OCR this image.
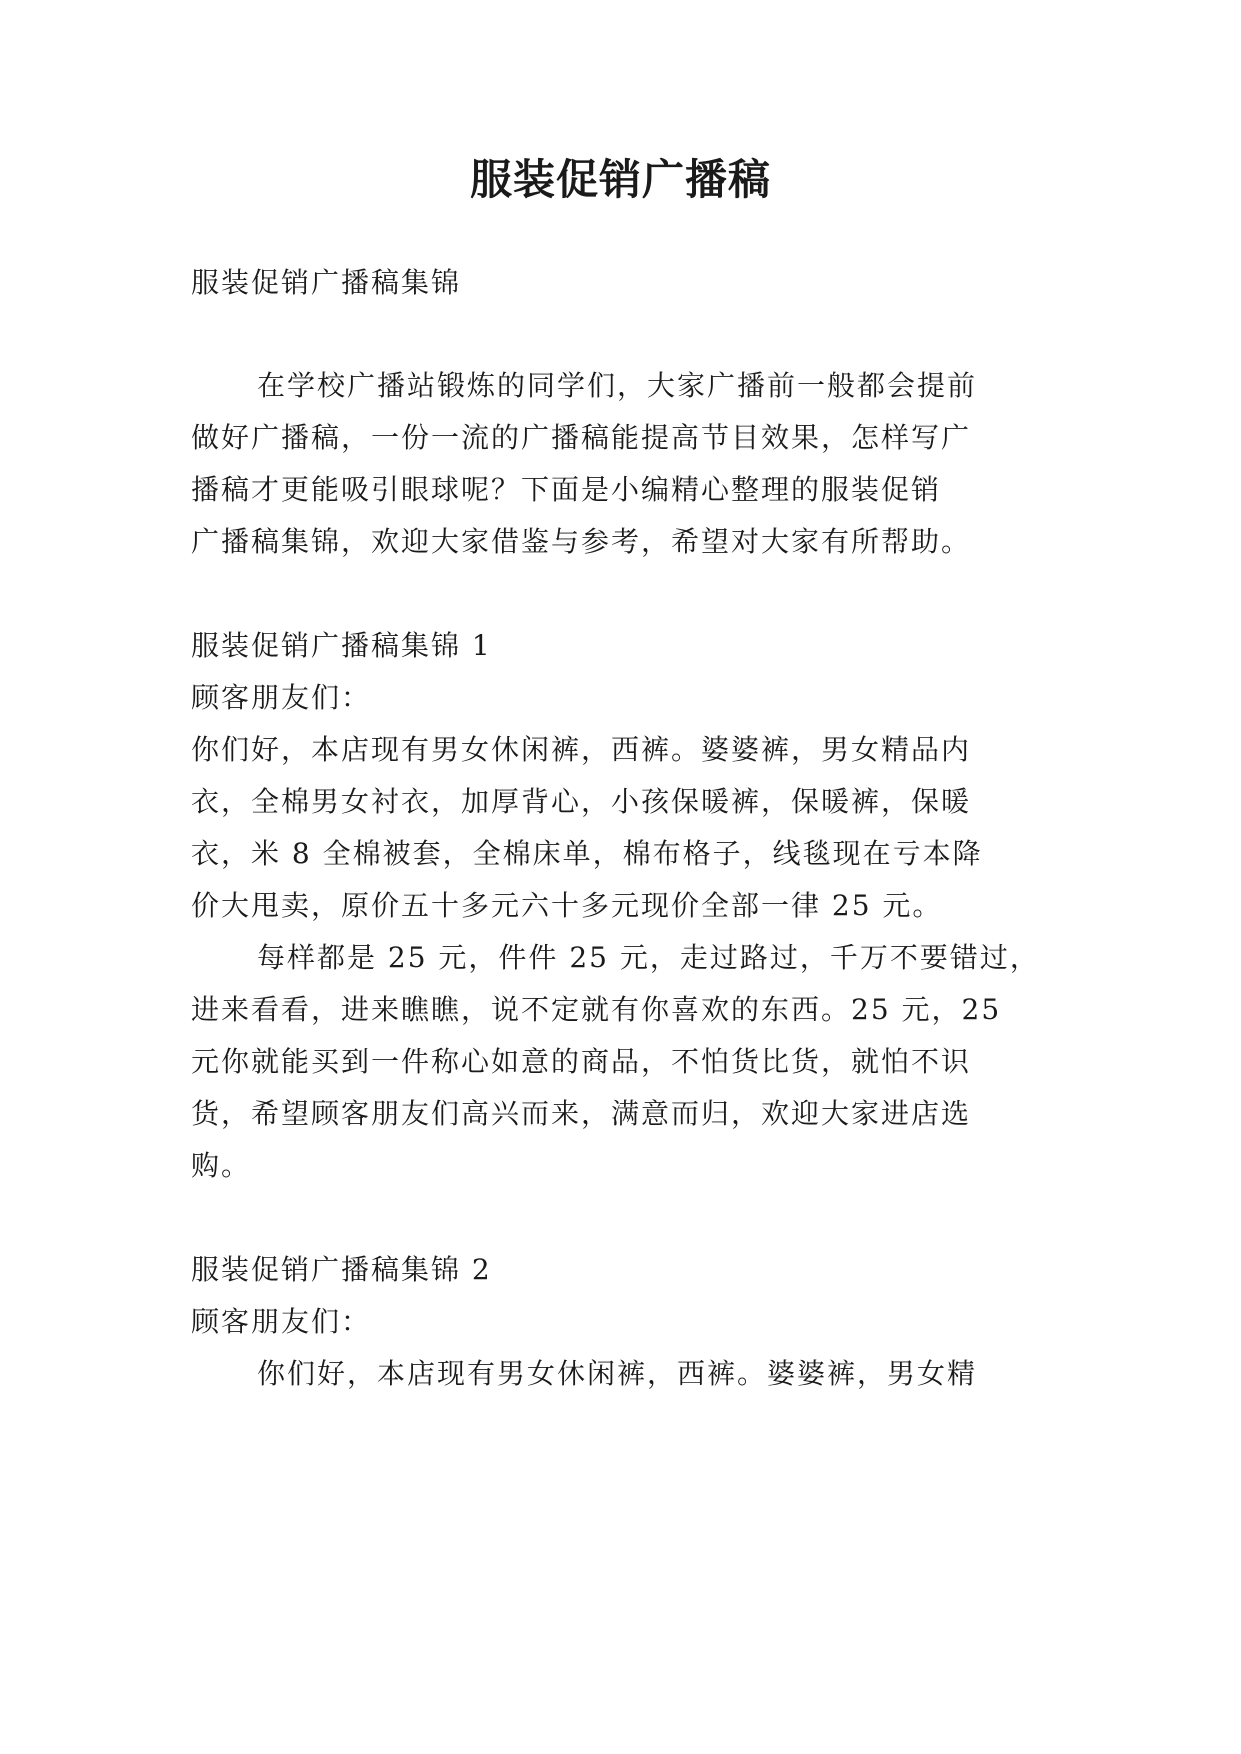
服装促销广播稿
服装促销广播稿集锦
在学校广播站锻炼的同学们，大家广播前一般都会提前
做好广播稿，一份一流的广播稿能提高节目效果，怎样写广
播稿才更能吸引眼球呢？下面是小编精心整理的服装促销
广播稿集锦，欢迎大家借鉴与参考，希望对大家有所帮助。
服装促销广播稿集锦 1
顾客朋友们：
你们好，本店现有男女休闲裤，西裤。婆婆裤，男女精品内
衣，全棉男女衬衣，加厚背心，小孩保暖裤，保暖裤，保暖
衣，米 8 全棉被套，全棉床单，棉布格子，线毯现在亏本降
价大甩卖，原价五十多元六十多元现价全部一律 25 元。
每样都是 25 元，件件 25 元，走过路过，千万不要错过，
进来看看，进来瞧瞧，说不定就有你喜欢的东西。25 元，25
元你就能买到一件称心如意的商品，不怕货比货，就怕不识
货，希望顾客朋友们高兴而来，满意而归，欢迎大家进店选
购。
服装促销广播稿集锦 2
顾客朋友们：
你们好，本店现有男女休闲裤，西裤。婆婆裤，男女精
